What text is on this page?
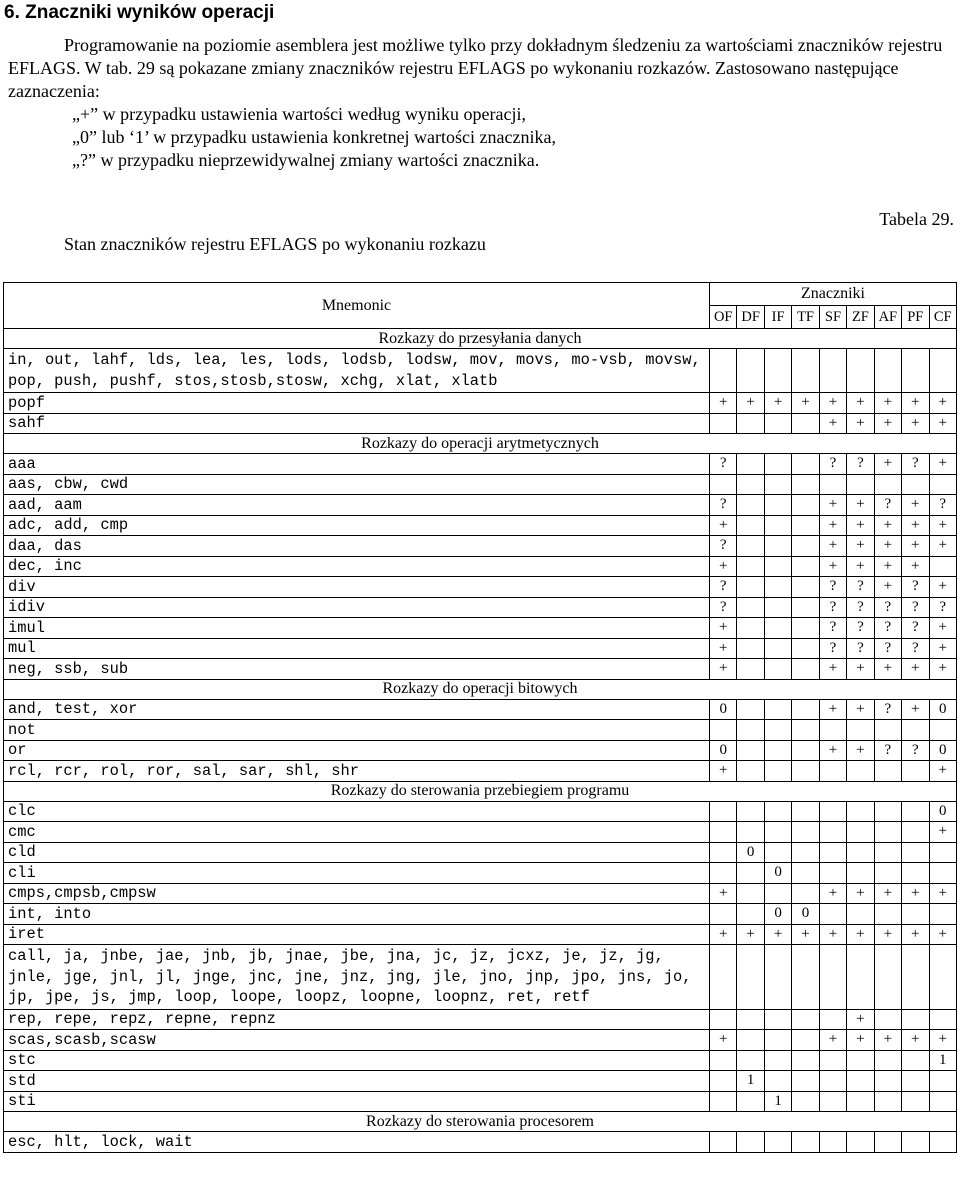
6. Znaczniki wyników operacji

Programowanie na poziomie asemblera jest możliwe tylko przy dokładnym śledzeniu za wartościami znaczników rejestru EFLAGS. W tab. 29 są pokazane zmiany znaczników rejestru EFLAGS po wykonaniu rozkazów. Zastosowano następujące zaznaczenia:

„+” w przypadku ustawienia wartości według wyniku operacji,

„0” lub ‘1’ w przypadku ustawienia konkretnej wartości znacznika,

„?” w przypadku nieprzewidywalnej zmiany wartości znacznika.

Tabela 29.
Stan znaczników rejestru EFLAGS po wykonaniu rozkazu
Mnemonic	Znaczniki								
	OF	DF	IF	TF	SF	ZF	AF	PF	CF
Rozkazy do przesyłania danych									
in, out, lahf, lds, lea, les, lods, lodsb, lodsw, mov, movs, mo-vsb, movsw, pop, push, pushf, stos,stosb,stosw, xchg, xlat, xlatb									
popf	+	+	+	+	+	+	+	+	+
sahf					+	+	+	+	+
Rozkazy do operacji arytmetycznych									
aaa	?				?	?	+	?	+
aas, cbw, cwd									
aad, aam	?				+	+	?	+	?
adc, add, cmp	+				+	+	+	+	+
daa, das	?				+	+	+	+	+
dec, inc	+				+	+	+	+	
div	?				?	?	+	?	+
idiv	?				?	?	?	?	?
imul	+				?	?	?	?	+
mul	+				?	?	?	?	+
neg, ssb, sub	+				+	+	+	+	+
Rozkazy do operacji bitowych									
and, test, xor	0				+	+	?	+	0
not									
or	0				+	+	?	?	0
rcl, rcr, rol, ror, sal, sar, shl, shr	+								+
Rozkazy do sterowania przebiegiem programu									
clc									0
cmc									+
cld		0							
cli			0						
cmps,cmpsb,cmpsw	+				+	+	+	+	+
int, into			0	0					
iret	+	+	+	+	+	+	+	+	+
call, ja, jnbe, jae, jnb, jb, jnae, jbe, jna, jc, jz, jcxz, je, jz, jg, jnle, jge, jnl, jl, jnge, jnc, jne, jnz, jng, jle, jno, jnp, jpo, jns, jo, jp, jpe, js, jmp, loop, loope, loopz, loopne, loopnz, ret, retf									
rep, repe, repz, repne, repnz						+			
scas,scasb,scasw	+				+	+	+	+	+
stc									1
std		1							
sti			1						
Rozkazy do sterowania procesorem									
esc, hlt, lock, wait									
